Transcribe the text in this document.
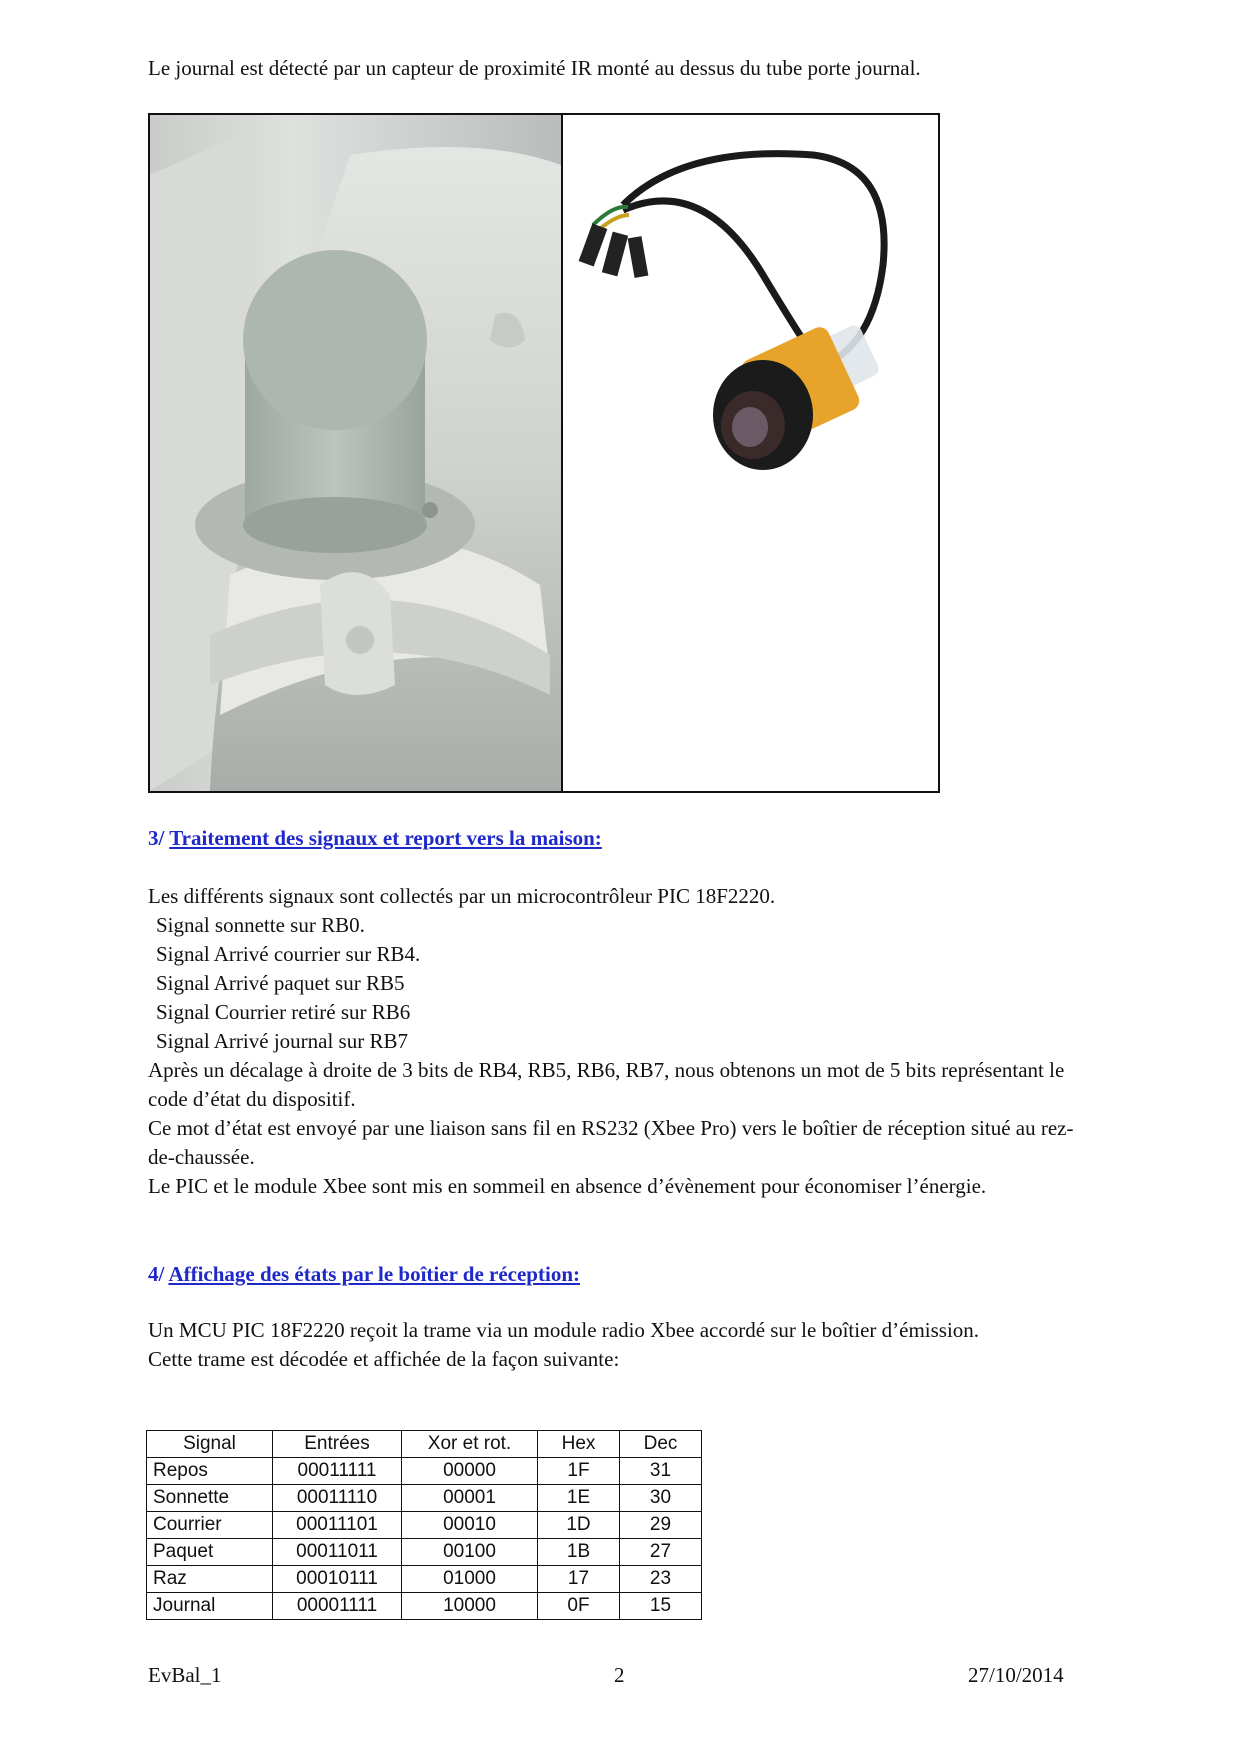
Le journal est détecté par un capteur de proximité IR monté au dessus du tube porte journal.
3/ Traitement des signaux et report vers la maison:

Les différents signaux sont collectés par un microcontrôleur PIC 18F2220.

Signal sonnette sur RB0.

Signal Arrivé courrier sur RB4.

Signal Arrivé paquet sur RB5

Signal Courrier retiré sur RB6

Signal Arrivé journal sur RB7

Après un décalage à droite de 3 bits de RB4, RB5, RB6, RB7, nous obtenons un mot de 5 bits représentant le code d’état du dispositif.

Ce mot d’état est envoyé par une liaison sans fil en RS232 (Xbee Pro) vers le boîtier de réception situé au rez-de-chaussée.

Le PIC et le module Xbee sont mis en sommeil en absence d’évènement pour économiser l’énergie.

4/ Affichage des états par le boîtier de réception:

Un MCU PIC 18F2220 reçoit la trame via un module radio Xbee accordé sur le boîtier d’émission.

Cette trame est décodée et affichée de la façon suivante:

Signal	Entrées	Xor et rot.	Hex	Dec
Repos	00011111	00000	1F	31
Sonnette	00011110	00001	1E	30
Courrier	00011101	00010	1D	29
Paquet	00011011	00100	1B	27
Raz	00010111	01000	17	23
Journal	00001111	10000	0F	15
EvBal_1	2	27/10/2014
